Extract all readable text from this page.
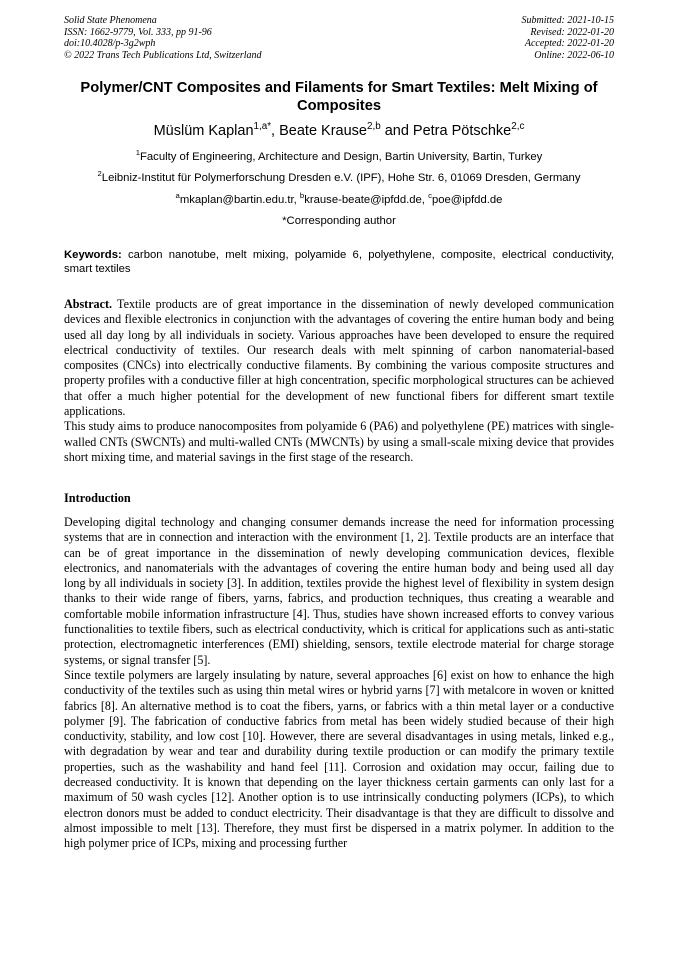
Solid State Phenomena
ISSN: 1662-9779, Vol. 333, pp 91-96
doi:10.4028/p-3g2wph
© 2022 Trans Tech Publications Ltd, Switzerland
Submitted: 2021-10-15
Revised: 2022-01-20
Accepted: 2022-01-20
Online: 2022-06-10
Polymer/CNT Composites and Filaments for Smart Textiles: Melt Mixing of Composites
Müslüm Kaplan$^{1,a*}$, Beate Krause$^{2,b}$ and Petra Pötschke$^{2,c}$
$^1$Faculty of Engineering, Architecture and Design, Bartin University, Bartin, Turkey
$^2$Leibniz-Institut für Polymerforschung Dresden e.V. (IPF), Hohe Str. 6, 01069 Dresden, Germany
$^a$mkaplan@bartin.edu.tr, $^b$krause-beate@ipfdd.de, $^c$poe@ipfdd.de
*Corresponding author
Keywords: carbon nanotube, melt mixing, polyamide 6, polyethylene, composite, electrical conductivity, smart textiles

Abstract. Textile products are of great importance in the dissemination of newly developed communication devices and flexible electronics in conjunction with the advantages of covering the entire human body and being used all day long by all individuals in society. Various approaches have been developed to ensure the required electrical conductivity of textiles. Our research deals with melt spinning of carbon nanomaterial-based composites (CNCs) into electrically conductive filaments. By combining the various composite structures and property profiles with a conductive filler at high concentration, specific morphological structures can be achieved that offer a much higher potential for the development of new functional fibers for different smart textile applications.

This study aims to produce nanocomposites from polyamide 6 (PA6) and polyethylene (PE) matrices with single-walled CNTs (SWCNTs) and multi-walled CNTs (MWCNTs) by using a small-scale mixing device that provides short mixing time, and material savings in the first stage of the research.

Introduction

Developing digital technology and changing consumer demands increase the need for information processing systems that are in connection and interaction with the environment [1, 2]. Textile products are an interface that can be of great importance in the dissemination of newly developing communication devices, flexible electronics, and nanomaterials with the advantages of covering the entire human body and being used all day long by all individuals in society [3]. In addition, textiles provide the highest level of flexibility in system design thanks to their wide range of fibers, yarns, fabrics, and production techniques, thus creating a wearable and comfortable mobile information infrastructure [4]. Thus, studies have shown increased efforts to convey various functionalities to textile fibers, such as electrical conductivity, which is critical for applications such as anti-static protection, electromagnetic interferences (EMI) shielding, sensors, textile electrode material for charge storage systems, or signal transfer [5].

Since textile polymers are largely insulating by nature, several approaches [6] exist on how to enhance the high conductivity of the textiles such as using thin metal wires or hybrid yarns [7] with metalcore in woven or knitted fabrics [8]. An alternative method is to coat the fibers, yarns, or fabrics with a thin metal layer or a conductive polymer [9]. The fabrication of conductive fabrics from metal has been widely studied because of their high conductivity, stability, and low cost [10]. However, there are several disadvantages in using metals, linked e.g., with degradation by wear and tear and durability during textile production or can modify the primary textile properties, such as the washability and hand feel [11]. Corrosion and oxidation may occur, failing due to decreased conductivity. It is known that depending on the layer thickness certain garments can only last for a maximum of 50 wash cycles [12]. Another option is to use intrinsically conducting polymers (ICPs), to which electron donors must be added to conduct electricity. Their disadvantage is that they are difficult to dissolve and almost impossible to melt [13]. Therefore, they must first be dispersed in a matrix polymer. In addition to the high polymer price of ICPs, mixing and processing further
